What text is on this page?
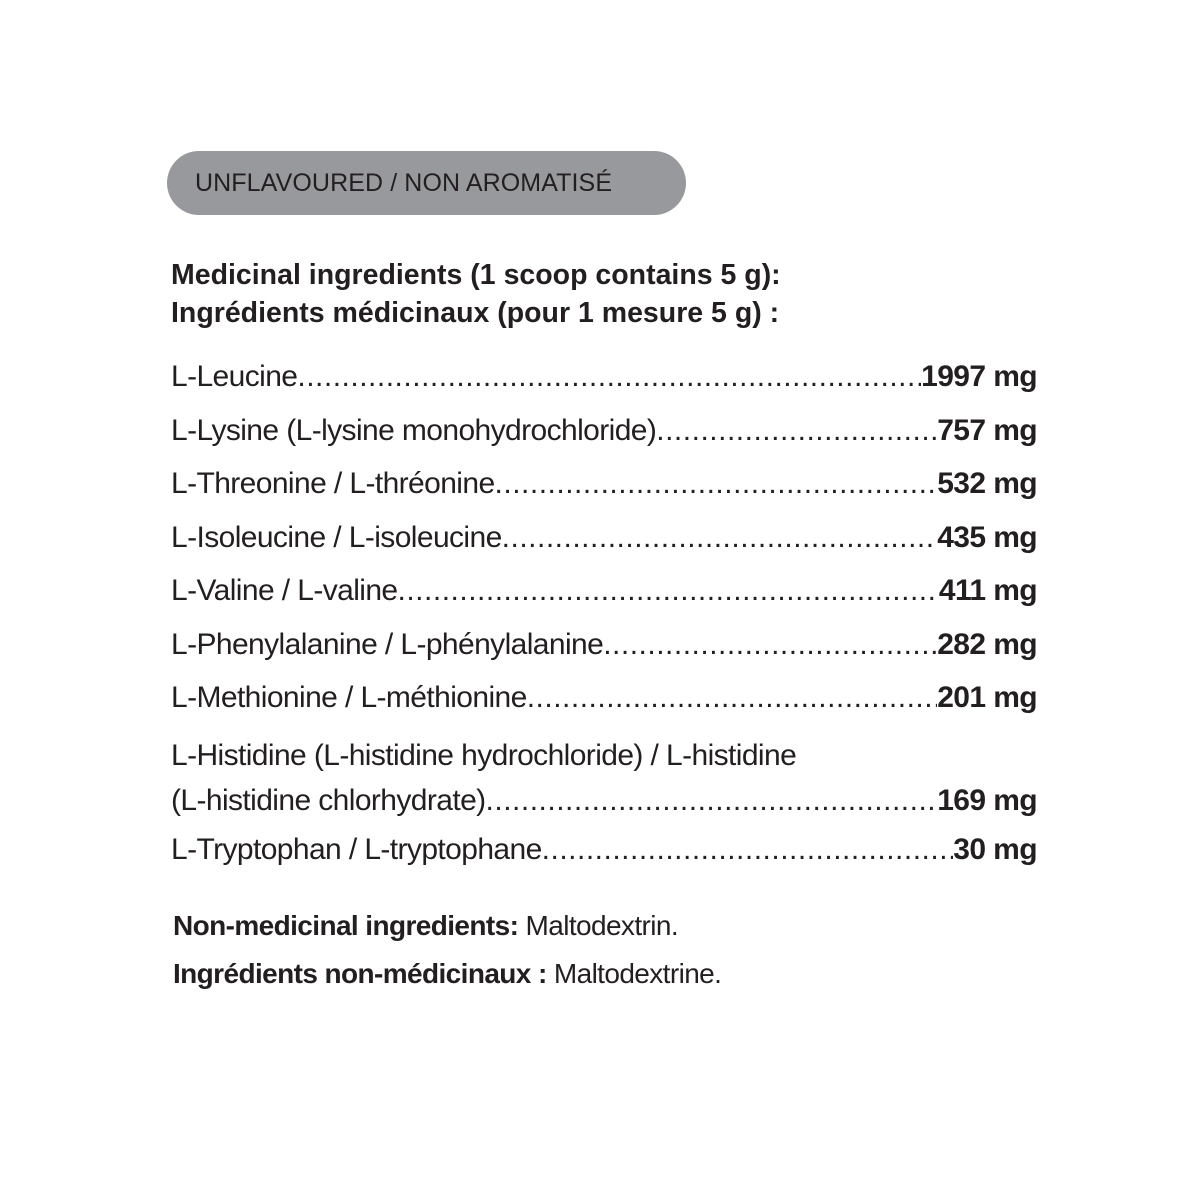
UNFLAVOURED / NON AROMATISÉ
Medicinal ingredients (1 scoop contains 5 g):
Ingrédients médicinaux (pour 1 mesure 5 g) :
L-Leucine .....	1997 mg
L-Lysine (L-lysine monohydrochloride) .....	757 mg
L-Threonine / L-thréonine .....	532 mg
L-Isoleucine / L-isoleucine .....	435 mg
L-Valine / L-valine .....	411 mg
L-Phenylalanine / L-phénylalanine .....	282 mg
L-Methionine / L-méthionine .....	201 mg
L-Histidine (L-histidine hydrochloride) / L-histidine
(L-histidine chlorhydrate) .....	169 mg
L-Tryptophan / L-tryptophane .....	30 mg
Non-medicinal ingredients: Maltodextrin.
Ingrédients non-médicinaux : Maltodextrine.
